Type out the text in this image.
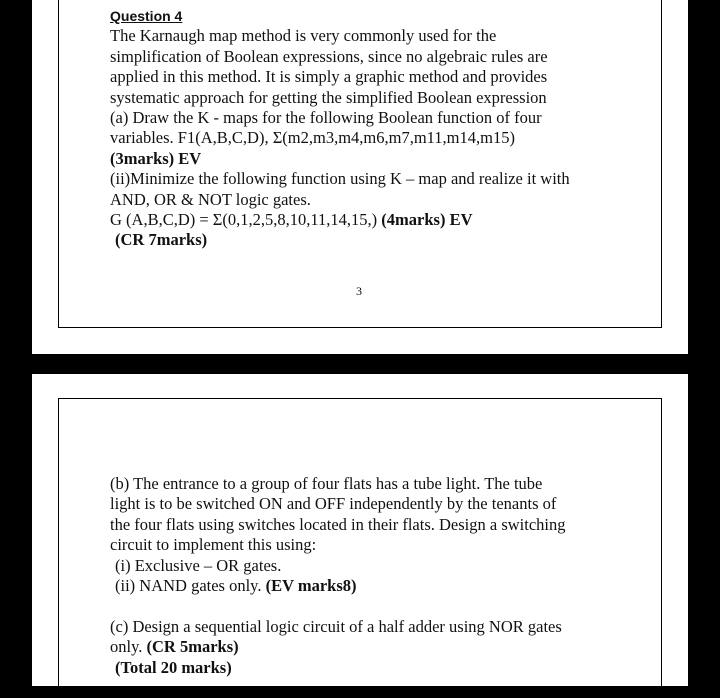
Question 4
The Karnaugh map method is very commonly used for the
simplification of Boolean expressions, since no algebraic rules are
applied in this method. It is simply a graphic method and provides
systematic approach for getting the simplified Boolean expression
(a) Draw the K - maps for the following Boolean function of four
variables. F1(A,B,C,D), Σ(m2,m3,m4,m6,m7,m11,m14,m15)
(3marks) EV
(ii)Minimize the following function using K – map and realize it with
AND, OR & NOT logic gates.
G (A,B,C,D) = Σ(0,1,2,5,8,10,11,14,15,) (4marks) EV
(CR 7marks)
3
(b) The entrance to a group of four flats has a tube light. The tube
light is to be switched ON and OFF independently by the tenants of
the four flats using switches located in their flats. Design a switching
circuit to implement this using:
(i) Exclusive – OR gates.
(ii) NAND gates only. (EV marks8)
(c) Design a sequential logic circuit of a half adder using NOR gates
only. (CR 5marks)
(Total 20 marks)
